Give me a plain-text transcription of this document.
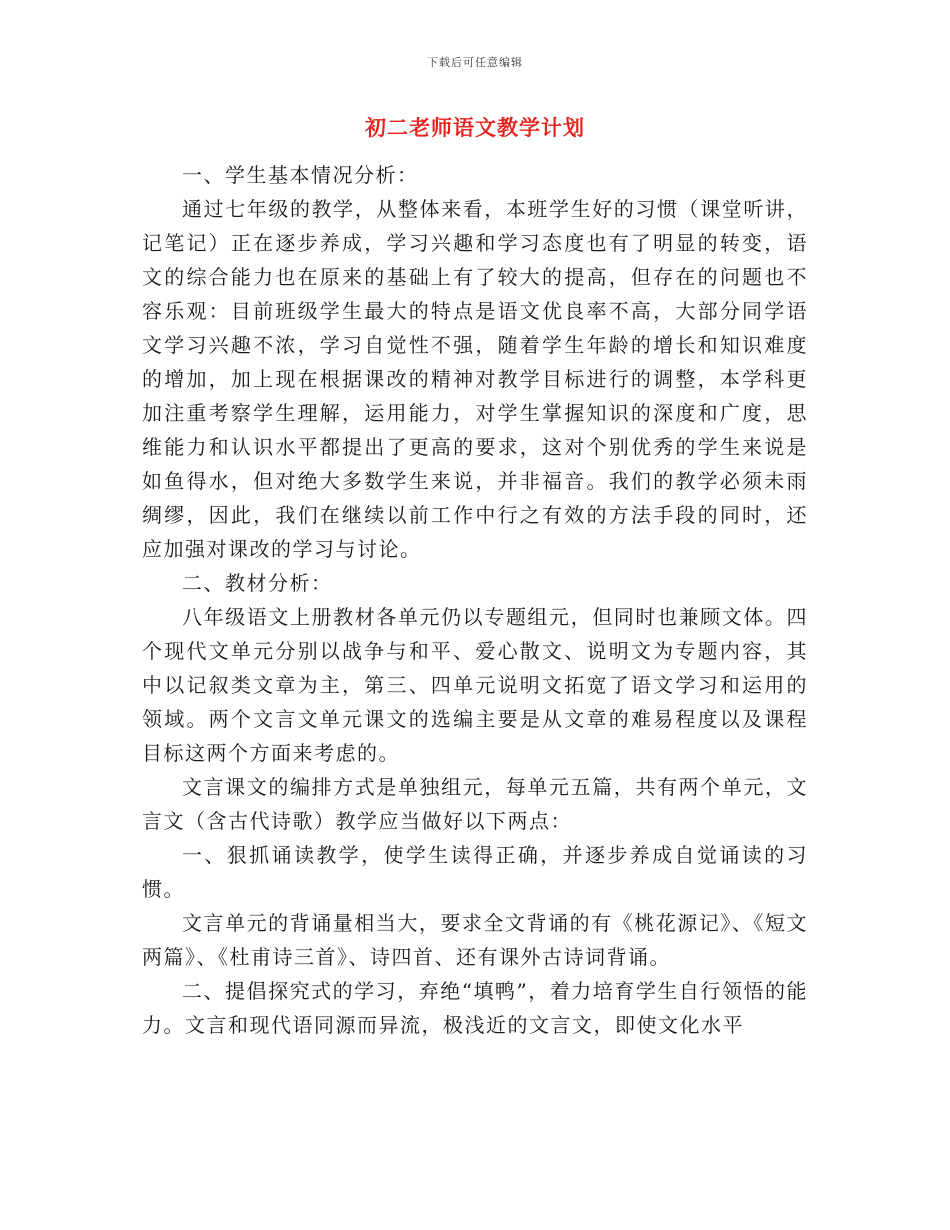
下载后可任意编辑
初二老师语文教学计划

一、学生基本情况分析：

通过七年级的教学，从整体来看，本班学生好的习惯（课堂听讲，记笔记）正在逐步养成，学习兴趣和学习态度也有了明显的转变，语文的综合能力也在原来的基础上有了较大的提高，但存在的问题也不容乐观：目前班级学生最大的特点是语文优良率不高，大部分同学语文学习兴趣不浓，学习自觉性不强，随着学生年龄的增长和知识难度的增加，加上现在根据课改的精神对教学目标进行的调整，本学科更加注重考察学生理解，运用能力，对学生掌握知识的深度和广度，思维能力和认识水平都提出了更高的要求，这对个别优秀的学生来说是如鱼得水，但对绝大多数学生来说，并非福音。我们的教学必须未雨绸缪，因此，我们在继续以前工作中行之有效的方法手段的同时，还应加强对课改的学习与讨论。

二、教材分析：

八年级语文上册教材各单元仍以专题组元，但同时也兼顾文体。四个现代文单元分别以战争与和平、爱心散文、说明文为专题内容，其中以记叙类文章为主，第三、四单元说明文拓宽了语文学习和运用的领域。两个文言文单元课文的选编主要是从文章的难易程度以及课程目标这两个方面来考虑的。

文言课文的编排方式是单独组元，每单元五篇，共有两个单元，文言文（含古代诗歌）教学应当做好以下两点：

一、狠抓诵读教学，使学生读得正确，并逐步养成自觉诵读的习惯。

文言单元的背诵量相当大，要求全文背诵的有《桃花源记》、《短文两篇》、《杜甫诗三首》、诗四首、还有课外古诗词背诵。

二、提倡探究式的学习，弃绝“填鸭”，着力培育学生自行领悟的能力。文言和现代语同源而异流，极浅近的文言文，即使文化水平
